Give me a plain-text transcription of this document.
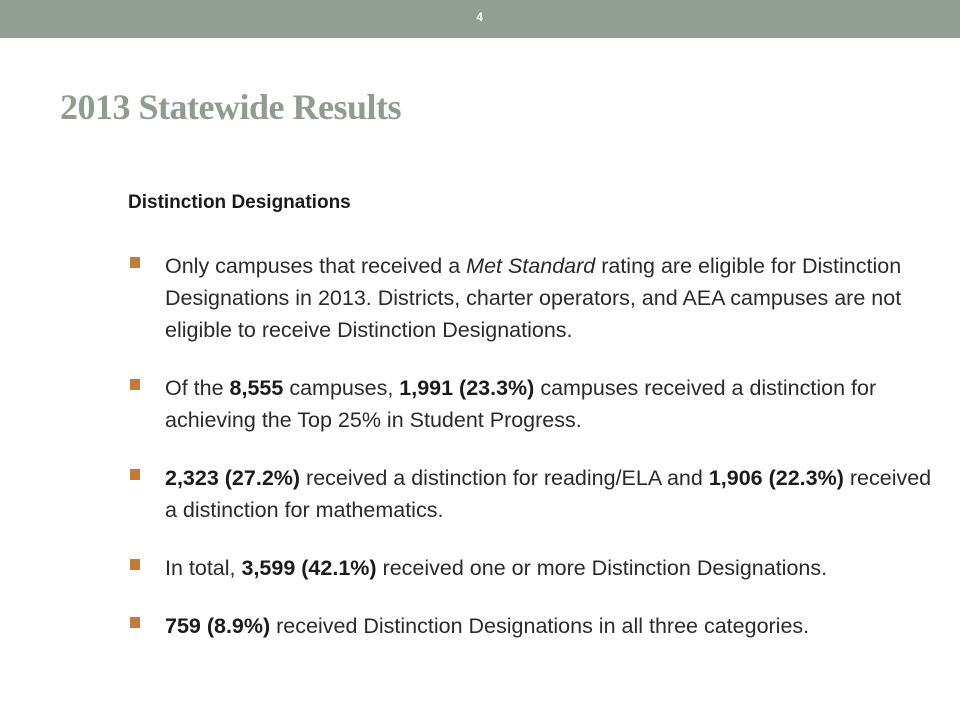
4
2013 Statewide Results
Distinction Designations
Only campuses that received a Met Standard rating are eligible for Distinction Designations in 2013. Districts, charter operators, and AEA campuses are not eligible to receive Distinction Designations.
Of the 8,555 campuses, 1,991 (23.3%) campuses received a distinction for achieving the Top 25% in Student Progress.
2,323 (27.2%) received a distinction for reading/ELA and 1,906 (22.3%) received a distinction for mathematics.
In total, 3,599 (42.1%) received one or more Distinction Designations.
759 (8.9%) received Distinction Designations in all three categories.
